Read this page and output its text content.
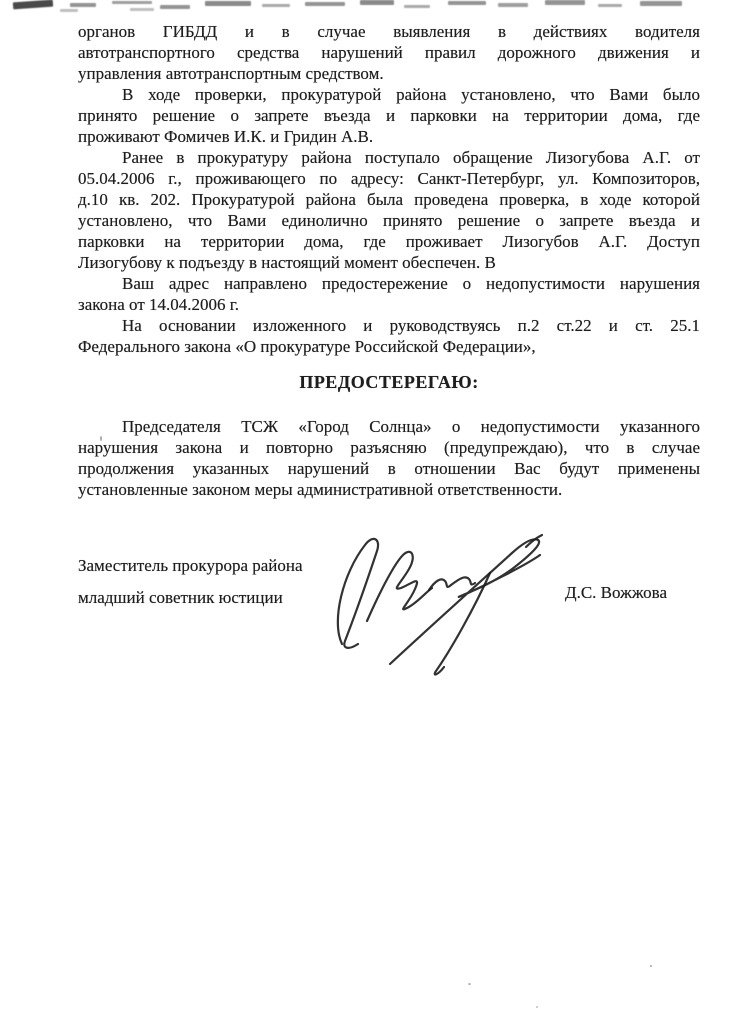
органов ГИБДД и в случае выявления в действиях водителя
автотранспортного средства нарушений правил дорожного движения и
управления автотранспортным средством.
В ходе проверки, прокуратурой района установлено, что Вами было
принято решение о запрете въезда и парковки на территории дома, где
проживают Фомичев И.К. и Гридин А.В.
Ранее в прокуратуру района поступало обращение Лизогубова А.Г. от
05.04.2006 г., проживающего по адресу: Санкт-Петербург, ул. Композиторов,
д.10 кв. 202. Прокуратурой района была проведена проверка, в ходе которой
установлено, что Вами единолично принято решение о запрете въезда и
парковки на территории дома, где проживает Лизогубов А.Г. Доступ
Лизогубову к подъезду в настоящий момент обеспечен. В
Ваш адрес направлено предостережение о недопустимости нарушения
закона от 14.04.2006 г.
На основании изложенного и руководствуясь п.2 ст.22 и ст. 25.1
Федерального закона «О прокуратуре Российской Федерации»,
ПРЕДОСТЕРЕГАЮ:
Председателя ТСЖ «Город Солнца» о недопустимости указанного
нарушения закона и повторно разъясняю (предупреждаю), что в случае
продолжения указанных нарушений в отношении Вас будут применены
установленные законом меры административной ответственности.
Заместитель прокурора района
младший советник юстиции	Д.С. Вожжова
